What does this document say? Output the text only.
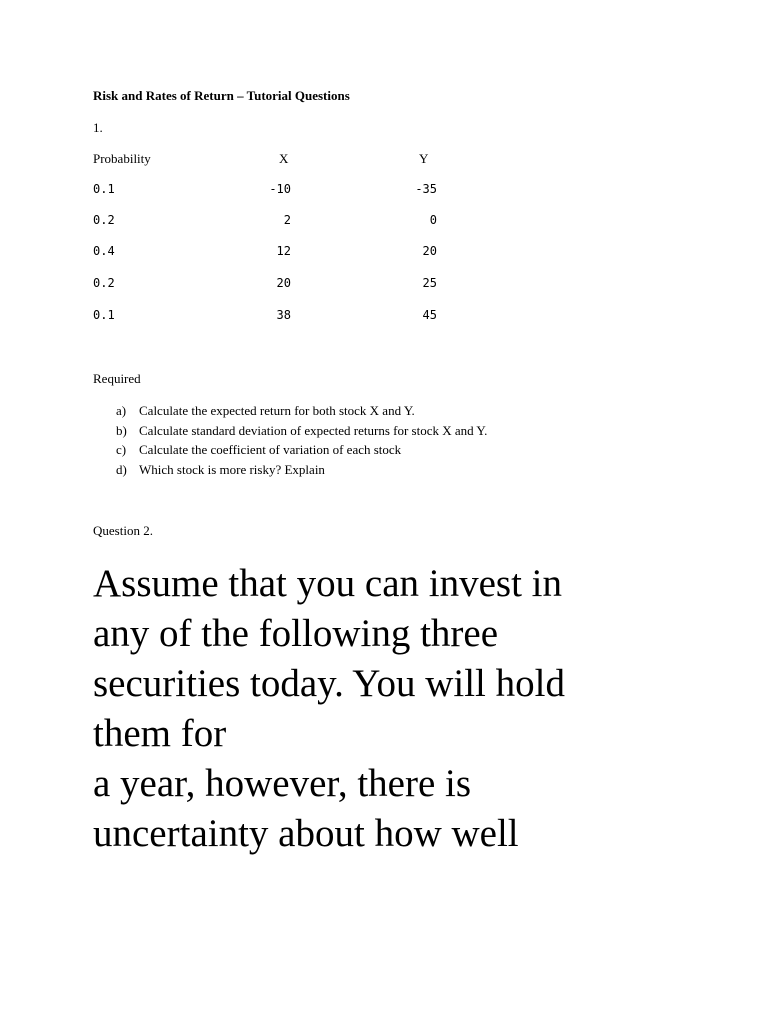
Risk and Rates of Return – Tutorial Questions

1.

Probability	X	Y
0.1	-10	-35
0.2	2	0
0.4	12	20
0.2	20	25
0.1	38	45

Required

a) Calculate the expected return for both stock X and Y.
b) Calculate standard deviation of expected returns for stock X and Y.
c) Calculate the coefficient of variation of each stock
d) Which stock is more risky? Explain

Question 2.

Assume that you can invest in
any of the following three
securities today. You will hold
them for
a year, however, there is
uncertainty about how well
